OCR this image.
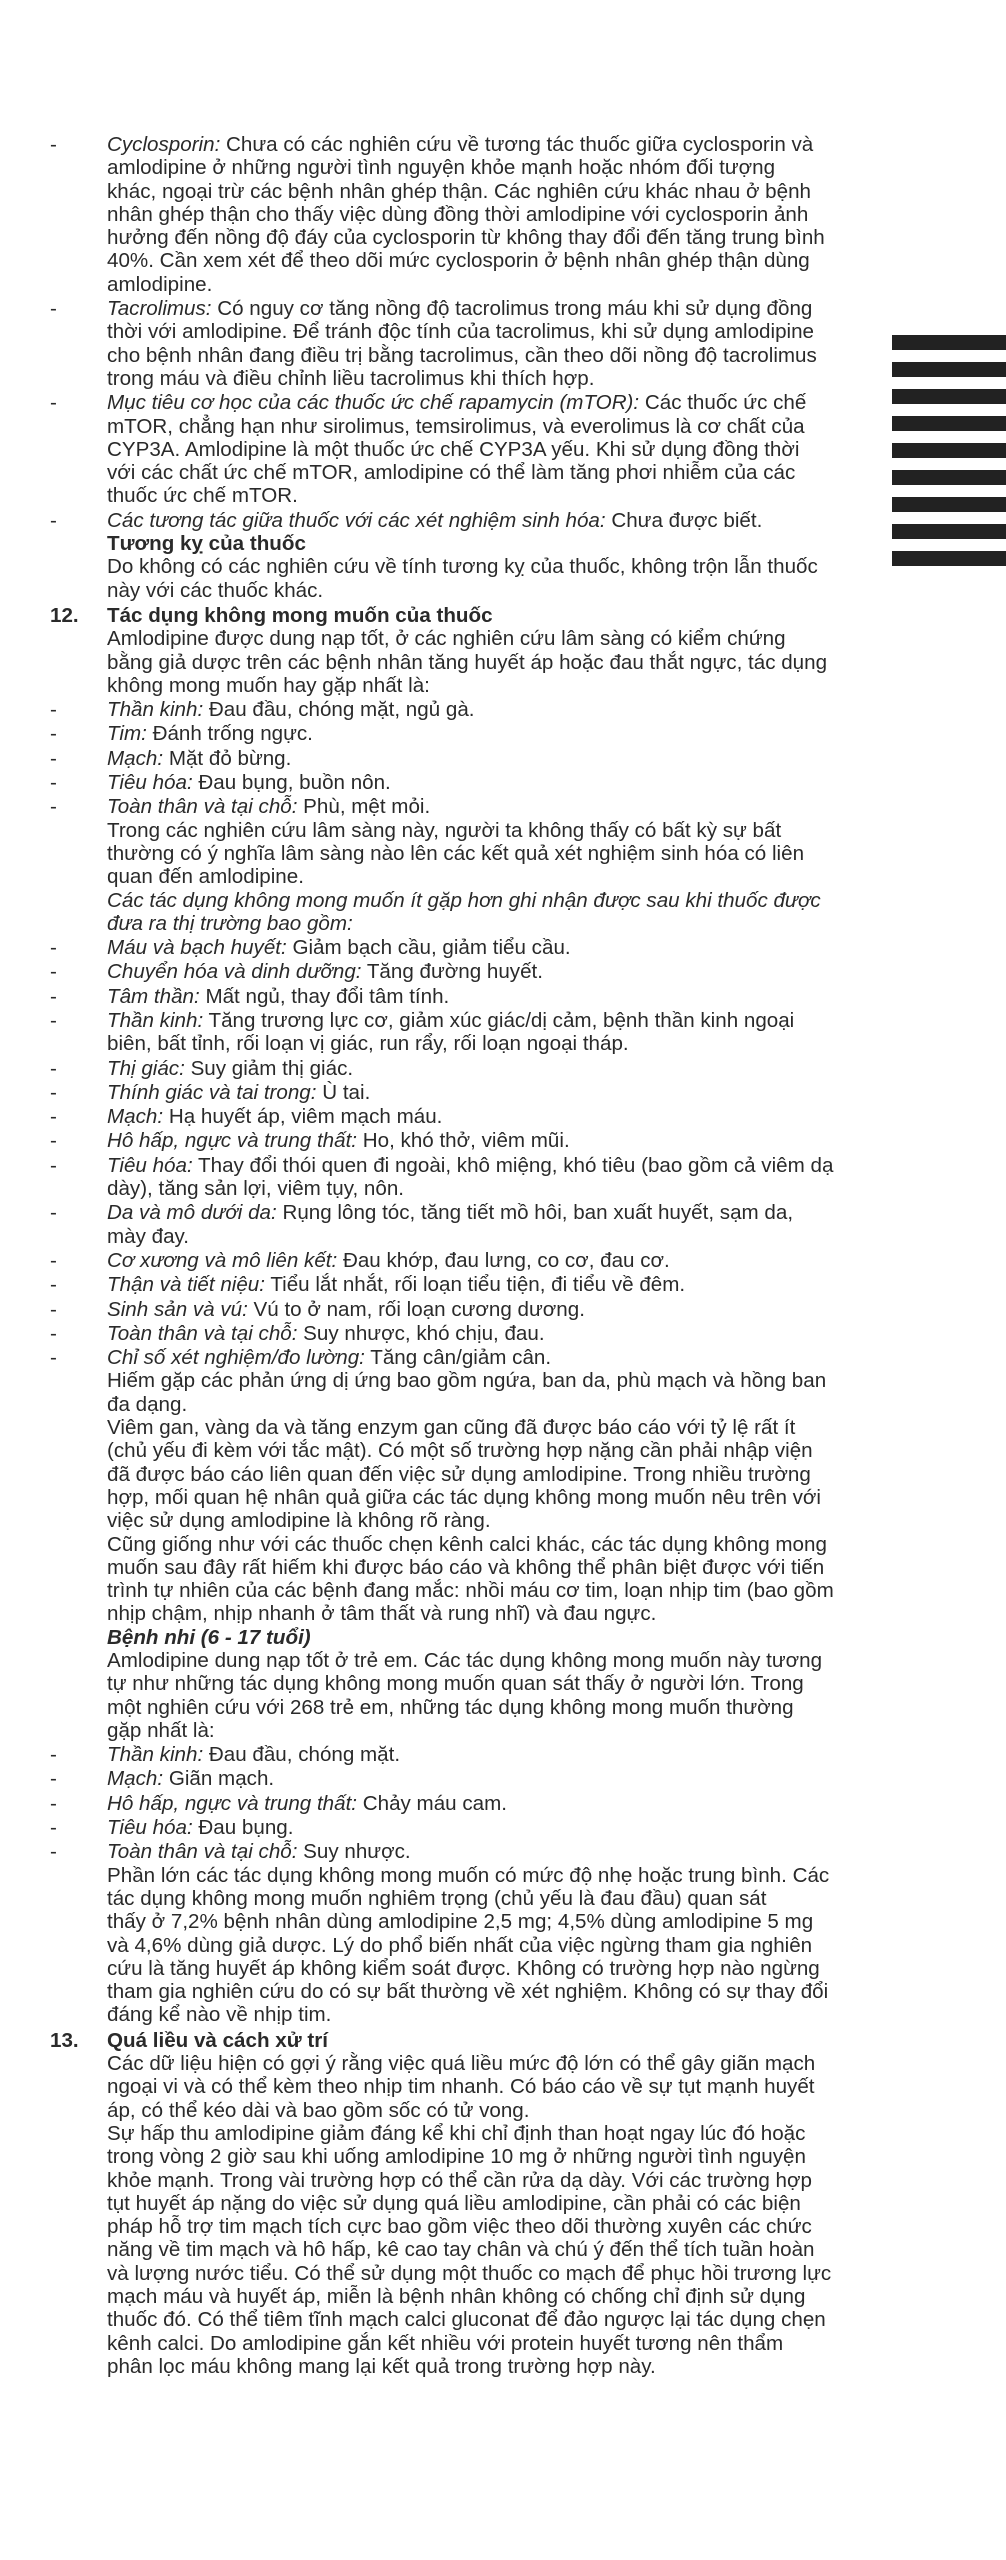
- Cyclosporin: Chưa có các nghiên cứu về tương tác thuốc giữa cyclosporin và
amlodipine ở những người tình nguyện khỏe mạnh hoặc nhóm đối tượng
khác, ngoại trừ các bệnh nhân ghép thận. Các nghiên cứu khác nhau ở bệnh
nhân ghép thận cho thấy việc dùng đồng thời amlodipine với cyclosporin ảnh
hưởng đến nồng độ đáy của cyclosporin từ không thay đổi đến tăng trung bình
40%. Cần xem xét để theo dõi mức cyclosporin ở bệnh nhân ghép thận dùng
amlodipine.
- Tacrolimus: Có nguy cơ tăng nồng độ tacrolimus trong máu khi sử dụng đồng
thời với amlodipine. Để tránh độc tính của tacrolimus, khi sử dụng amlodipine
cho bệnh nhân đang điều trị bằng tacrolimus, cần theo dõi nồng độ tacrolimus
trong máu và điều chỉnh liều tacrolimus khi thích hợp.
- Mục tiêu cơ học của các thuốc ức chế rapamycin (mTOR): Các thuốc ức chế
mTOR, chẳng hạn như sirolimus, temsirolimus, và everolimus là cơ chất của
CYP3A. Amlodipine là một thuốc ức chế CYP3A yếu. Khi sử dụng đồng thời
với các chất ức chế mTOR, amlodipine có thể làm tăng phơi nhiễm của các
thuốc ức chế mTOR.
- Các tương tác giữa thuốc với các xét nghiệm sinh hóa: Chưa được biết.
Tương kỵ của thuốc
Do không có các nghiên cứu về tính tương kỵ của thuốc, không trộn lẫn thuốc
này với các thuốc khác.
12. Tác dụng không mong muốn của thuốc
Amlodipine được dung nạp tốt, ở các nghiên cứu lâm sàng có kiểm chứng
bằng giả dược trên các bệnh nhân tăng huyết áp hoặc đau thắt ngực, tác dụng
không mong muốn hay gặp nhất là:
- Thần kinh: Đau đầu, chóng mặt, ngủ gà.
- Tim: Đánh trống ngực.
- Mạch: Mặt đỏ bừng.
- Tiêu hóa: Đau bụng, buồn nôn.
- Toàn thân và tại chỗ: Phù, mệt mỏi.
Trong các nghiên cứu lâm sàng này, người ta không thấy có bất kỳ sự bất
thường có ý nghĩa lâm sàng nào lên các kết quả xét nghiệm sinh hóa có liên
quan đến amlodipine.
Các tác dụng không mong muốn ít gặp hơn ghi nhận được sau khi thuốc được
đưa ra thị trường bao gồm:
- Máu và bạch huyết: Giảm bạch cầu, giảm tiểu cầu.
- Chuyển hóa và dinh dưỡng: Tăng đường huyết.
- Tâm thần: Mất ngủ, thay đổi tâm tính.
- Thần kinh: Tăng trương lực cơ, giảm xúc giác/dị cảm, bệnh thần kinh ngoại
biên, bất tỉnh, rối loạn vị giác, run rẩy, rối loạn ngoại tháp.
- Thị giác: Suy giảm thị giác.
- Thính giác và tai trong: Ù tai.
- Mạch: Hạ huyết áp, viêm mạch máu.
- Hô hấp, ngực và trung thất: Ho, khó thở, viêm mũi.
- Tiêu hóa: Thay đổi thói quen đi ngoài, khô miệng, khó tiêu (bao gồm cả viêm dạ
dày), tăng sản lợi, viêm tụy, nôn.
- Da và mô dưới da: Rụng lông tóc, tăng tiết mồ hôi, ban xuất huyết, sạm da,
mày đay.
- Cơ xương và mô liên kết: Đau khớp, đau lưng, co cơ, đau cơ.
- Thận và tiết niệu: Tiểu lắt nhắt, rối loạn tiểu tiện, đi tiểu về đêm.
- Sinh sản và vú: Vú to ở nam, rối loạn cương dương.
- Toàn thân và tại chỗ: Suy nhược, khó chịu, đau.
- Chỉ số xét nghiệm/đo lường: Tăng cân/giảm cân.
Hiếm gặp các phản ứng dị ứng bao gồm ngứa, ban da, phù mạch và hồng ban
đa dạng.
Viêm gan, vàng da và tăng enzym gan cũng đã được báo cáo với tỷ lệ rất ít
(chủ yếu đi kèm với tắc mật). Có một số trường hợp nặng cần phải nhập viện
đã được báo cáo liên quan đến việc sử dụng amlodipine. Trong nhiều trường
hợp, mối quan hệ nhân quả giữa các tác dụng không mong muốn nêu trên với
việc sử dụng amlodipine là không rõ ràng.
Cũng giống như với các thuốc chẹn kênh calci khác, các tác dụng không mong
muốn sau đây rất hiếm khi được báo cáo và không thể phân biệt được với tiến
trình tự nhiên của các bệnh đang mắc: nhồi máu cơ tim, loạn nhịp tim (bao gồm
nhịp chậm, nhịp nhanh ở tâm thất và rung nhĩ) và đau ngực.
Bệnh nhi (6 - 17 tuổi)
Amlodipine dung nạp tốt ở trẻ em. Các tác dụng không mong muốn này tương
tự như những tác dụng không mong muốn quan sát thấy ở người lớn. Trong
một nghiên cứu với 268 trẻ em, những tác dụng không mong muốn thường
gặp nhất là:
- Thần kinh: Đau đầu, chóng mặt.
- Mạch: Giãn mạch.
- Hô hấp, ngực và trung thất: Chảy máu cam.
- Tiêu hóa: Đau bụng.
- Toàn thân và tại chỗ: Suy nhược.
Phần lớn các tác dụng không mong muốn có mức độ nhẹ hoặc trung bình. Các
tác dụng không mong muốn nghiêm trọng (chủ yếu là đau đầu) quan sát
thấy ở 7,2% bệnh nhân dùng amlodipine 2,5 mg; 4,5% dùng amlodipine 5 mg
và 4,6% dùng giả dược. Lý do phổ biến nhất của việc ngừng tham gia nghiên
cứu là tăng huyết áp không kiểm soát được. Không có trường hợp nào ngừng
tham gia nghiên cứu do có sự bất thường về xét nghiệm. Không có sự thay đổi
đáng kể nào về nhịp tim.
13. Quá liều và cách xử trí
Các dữ liệu hiện có gợi ý rằng việc quá liều mức độ lớn có thể gây giãn mạch
ngoại vi và có thể kèm theo nhịp tim nhanh. Có báo cáo về sự tụt mạnh huyết
áp, có thể kéo dài và bao gồm sốc có tử vong.
Sự hấp thu amlodipine giảm đáng kể khi chỉ định than hoạt ngay lúc đó hoặc
trong vòng 2 giờ sau khi uống amlodipine 10 mg ở những người tình nguyện
khỏe mạnh. Trong vài trường hợp có thể cần rửa dạ dày. Với các trường hợp
tụt huyết áp nặng do việc sử dụng quá liều amlodipine, cần phải có các biện
pháp hỗ trợ tim mạch tích cực bao gồm việc theo dõi thường xuyên các chức
năng về tim mạch và hô hấp, kê cao tay chân và chú ý đến thể tích tuần hoàn
và lượng nước tiểu. Có thể sử dụng một thuốc co mạch để phục hồi trương lực
mạch máu và huyết áp, miễn là bệnh nhân không có chống chỉ định sử dụng
thuốc đó. Có thể tiêm tĩnh mạch calci gluconat để đảo ngược lại tác dụng chẹn
kênh calci. Do amlodipine gắn kết nhiều với protein huyết tương nên thẩm
phân lọc máu không mang lại kết quả trong trường hợp này.
